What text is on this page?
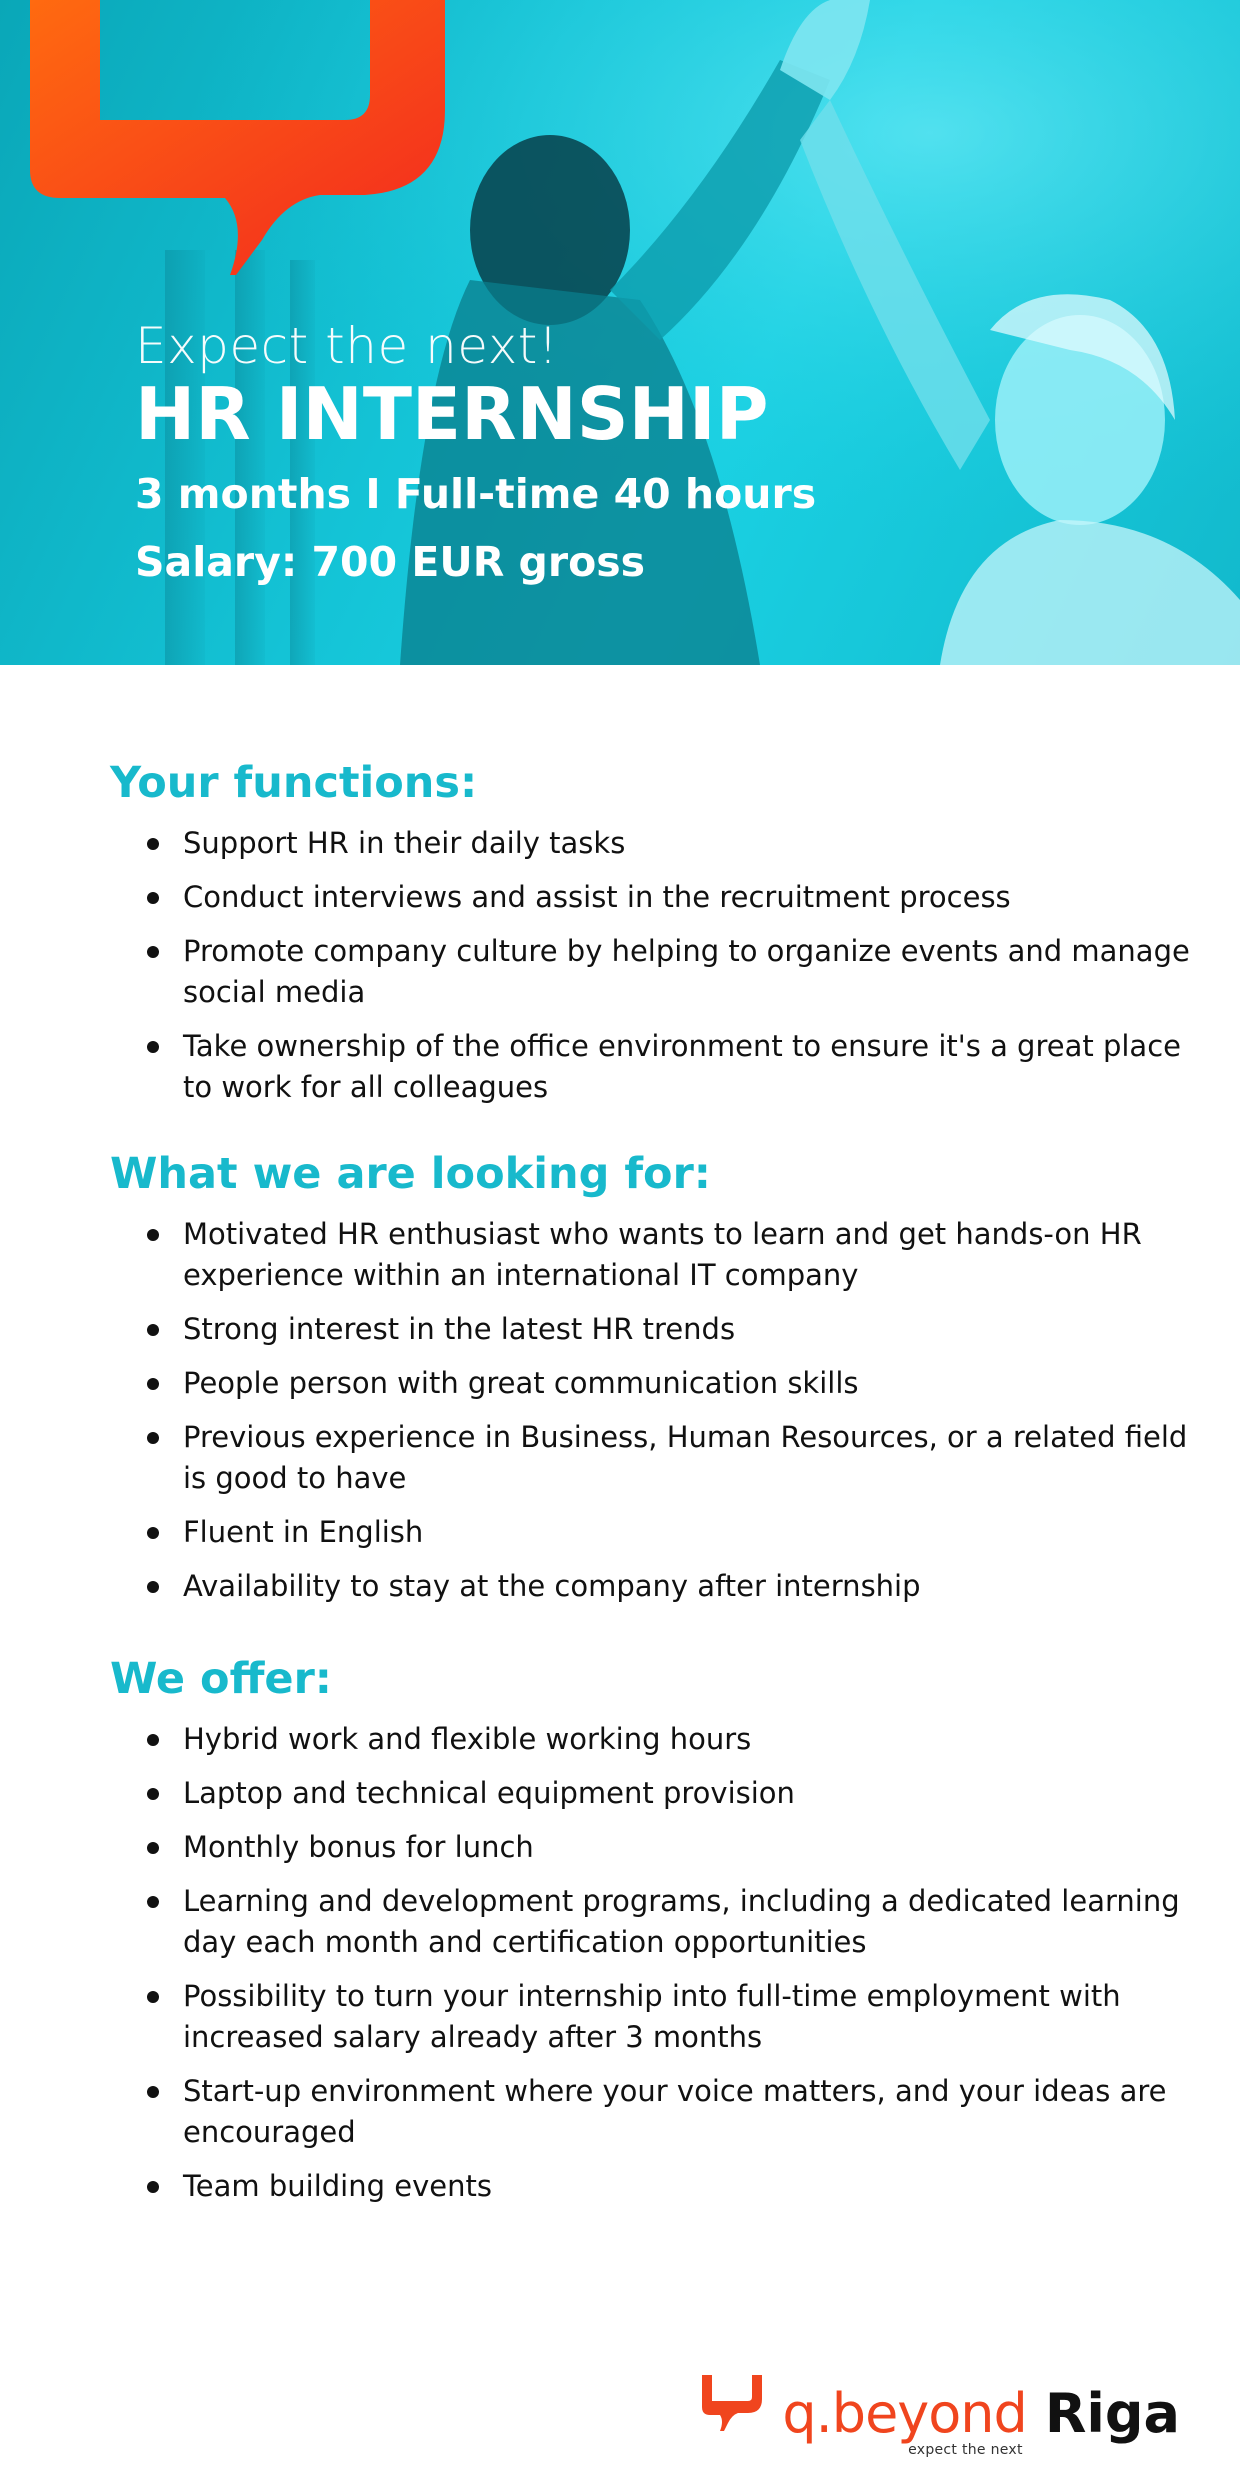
Expect the next!
HR INTERNSHIP
3 months I Full-time 40 hours
Salary: 700 EUR gross
Your functions:
Support HR in their daily tasks
Conduct interviews and assist in the recruitment process
Promote company culture by helping to organize events and manage social media
Take ownership of the office environment to ensure it's a great place to work for all colleagues
What we are looking for:
Motivated HR enthusiast who wants to learn and get hands-on HR experience within an international IT company
Strong interest in the latest HR trends
People person with great communication skills
Previous experience in Business, Human Resources, or a related field is good to have
Fluent in English
Availability to stay at the company after internship
We offer:
Hybrid work and flexible working hours
Laptop and technical equipment provision
Monthly bonus for lunch
Learning and development programs, including a dedicated learning day each month and certification opportunities
Possibility to turn your internship into full-time employment with increased salary already after 3 months
Start-up environment where your voice matters, and your ideas are encouraged
Team building events
q.beyond
expect the next
Riga
